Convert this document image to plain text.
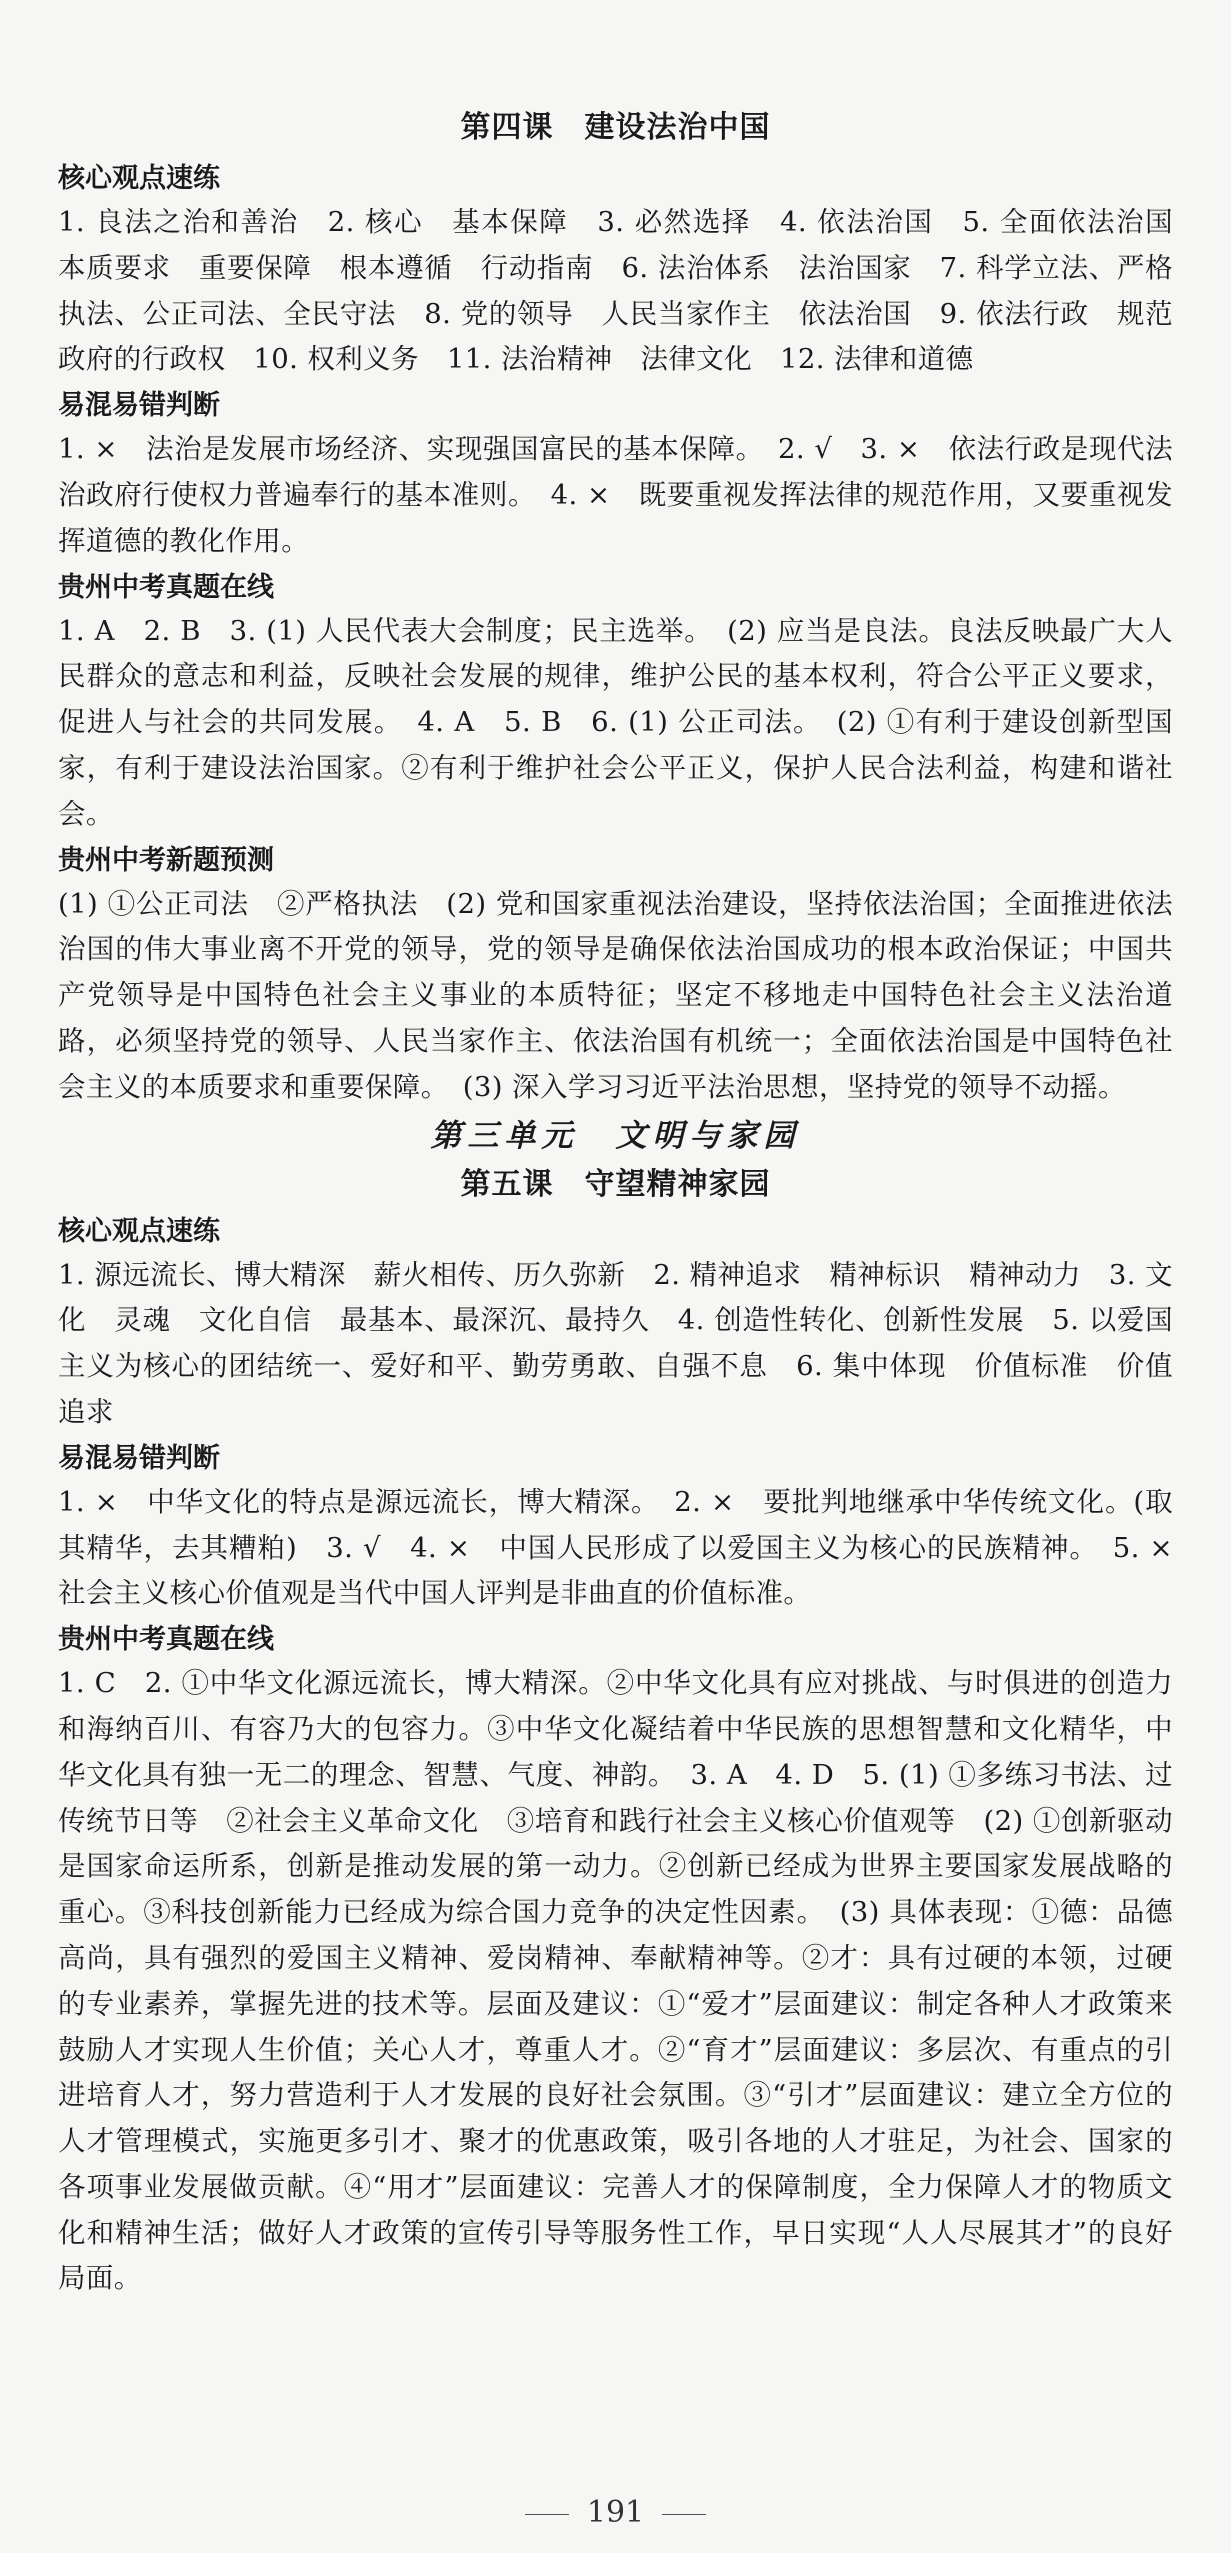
第四课　建设法治中国
核心观点速练
1. 良法之治和善治　2. 核心　基本保障　3. 必然选择　4. 依法治国　5. 全面依法治国　本质要求　重要保障　根本遵循　行动指南　6. 法治体系　法治国家　7. 科学立法、严格执法、公正司法、全民守法　8. 党的领导　人民当家作主　依法治国　9. 依法行政　规范政府的行政权　10. 权利义务　11. 法治精神　法律文化　12. 法律和道德
易混易错判断
1. ×　法治是发展市场经济、实现强国富民的基本保障。　2. √　3. ×　依法行政是现代法治政府行使权力普遍奉行的基本准则。　4. ×　既要重视发挥法律的规范作用，又要重视发挥道德的教化作用。
贵州中考真题在线
1. A　2. B　3. (1) 人民代表大会制度；民主选举。　(2) 应当是良法。良法反映最广大人民群众的意志和利益，反映社会发展的规律，维护公民的基本权利，符合公平正义要求，促进人与社会的共同发展。　4. A　5. B　6. (1) 公正司法。　(2) ①有利于建设创新型国家，有利于建设法治国家。②有利于维护社会公平正义，保护人民合法利益，构建和谐社会。
贵州中考新题预测
(1) ①公正司法　②严格执法　(2) 党和国家重视法治建设，坚持依法治国；全面推进依法治国的伟大事业离不开党的领导，党的领导是确保依法治国成功的根本政治保证；中国共产党领导是中国特色社会主义事业的本质特征；坚定不移地走中国特色社会主义法治道路，必须坚持党的领导、人民当家作主、依法治国有机统一；全面依法治国是中国特色社会主义的本质要求和重要保障。　(3) 深入学习习近平法治思想，坚持党的领导不动摇。
第三单元　文明与家园
第五课　守望精神家园
核心观点速练
1. 源远流长、博大精深　薪火相传、历久弥新　2. 精神追求　精神标识　精神动力　3. 文化　灵魂　文化自信　最基本、最深沉、最持久　4. 创造性转化、创新性发展　5. 以爱国主义为核心的团结统一、爱好和平、勤劳勇敢、自强不息　6. 集中体现　价值标准　价值追求
易混易错判断
1. ×　中华文化的特点是源远流长，博大精深。　2. ×　要批判地继承中华传统文化。(取其精华，去其糟粕)　3. √　4. ×　中国人民形成了以爱国主义为核心的民族精神。　5. ×　社会主义核心价值观是当代中国人评判是非曲直的价值标准。
贵州中考真题在线
1. C　2. ①中华文化源远流长，博大精深。②中华文化具有应对挑战、与时俱进的创造力和海纳百川、有容乃大的包容力。③中华文化凝结着中华民族的思想智慧和文化精华，中华文化具有独一无二的理念、智慧、气度、神韵。　3. A　4. D　5. (1) ①多练习书法、过传统节日等　②社会主义革命文化　③培育和践行社会主义核心价值观等　(2) ①创新驱动是国家命运所系，创新是推动发展的第一动力。②创新已经成为世界主要国家发展战略的重心。③科技创新能力已经成为综合国力竞争的决定性因素。　(3) 具体表现：①德：品德高尚，具有强烈的爱国主义精神、爱岗精神、奉献精神等。②才：具有过硬的本领，过硬的专业素养，掌握先进的技术等。层面及建议：①“爱才”层面建议：制定各种人才政策来鼓励人才实现人生价值；关心人才，尊重人才。②“育才”层面建议：多层次、有重点的引进培育人才，努力营造利于人才发展的良好社会氛围。③“引才”层面建议：建立全方位的人才管理模式，实施更多引才、聚才的优惠政策，吸引各地的人才驻足，为社会、国家的各项事业发展做贡献。④“用才”层面建议：完善人才的保障制度，全力保障人才的物质文化和精神生活；做好人才政策的宣传引导等服务性工作，早日实现“人人尽展其才”的良好局面。
191
